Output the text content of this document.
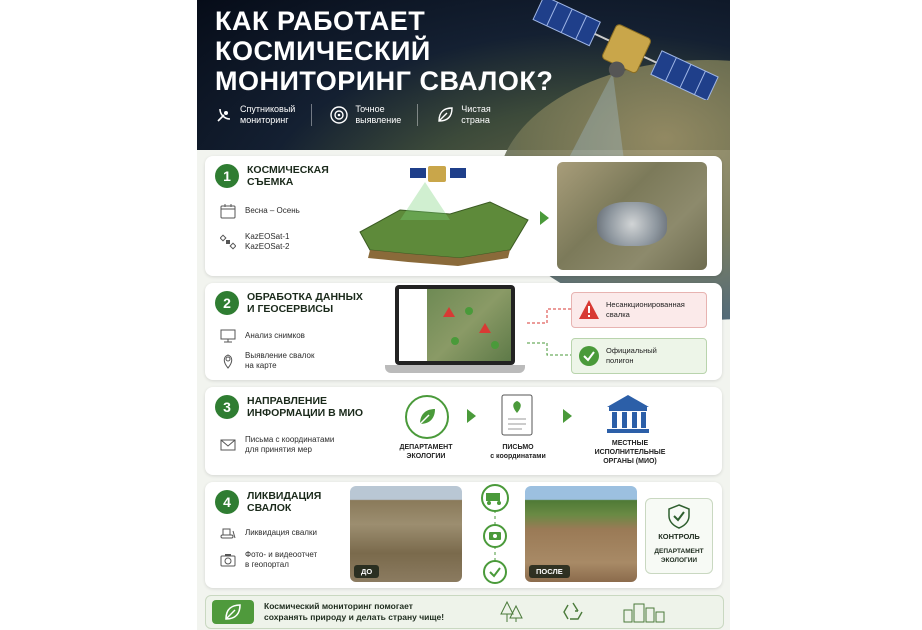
КАК РАБОТАЕТ
КОСМИЧЕСКИЙ
МОНИТОРИНГ СВАЛОК?
Спутниковый
мониторинг
Точное
выявление
Чистая
страна
1	КОСМИЧЕСКАЯ
СЪЕМКА
Весна – Осень
KazEOSat-1
KazEOSat-2
2	ОБРАБОТКА ДАННЫХ
И ГЕОСЕРВИСЫ
Анализ снимков
Выявление свалок
на карте
Несанкционированная
свалка
Официальный
полигон
3	НАПРАВЛЕНИЕ
ИНФОРМАЦИИ В МИО
Письма с координатами
для принятия мер	ДЕПАРТАМЕНТ
ЭКОЛОГИИ
ПИСЬМО
с координатами
МЕСТНЫЕ
ИСПОЛНИТЕЛЬНЫЕ
ОРГАНЫ (МИО)
4	ЛИКВИДАЦИЯ
СВАЛОК
Ликвидация свалки
Фото- и видеоотчет
в геопортал
ДО	ПОСЛЕ
КОНТРОЛЬ
ДЕПАРТАМЕНТ
ЭКОЛОГИИ
Космический мониторинг помогает
сохранять природу и делать страну чище!
